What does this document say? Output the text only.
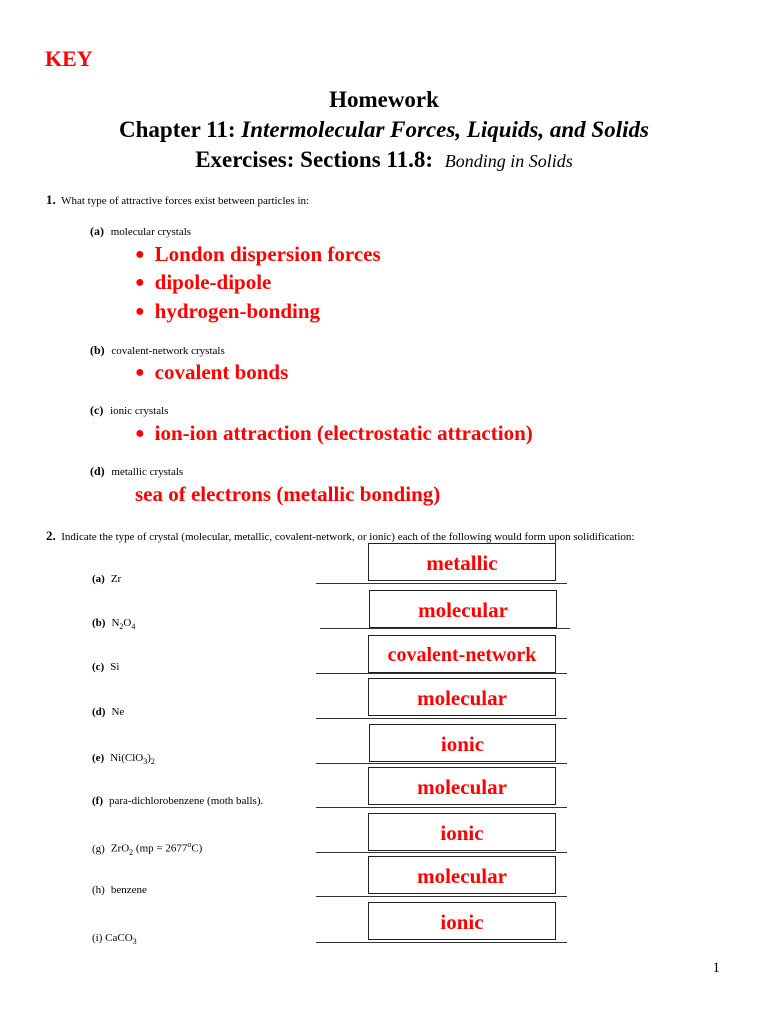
KEY
Homework
Chapter 11: Intermolecular Forces, Liquids, and Solids
Exercises: Sections 11.8: Bonding in Solids
1. What type of attractive forces exist between particles in:
(a) molecular crystals
● London dispersion forces
● dipole-dipole
● hydrogen-bonding
(b) covalent-network crystals
● covalent bonds
(c) ionic crystals
● ion-ion attraction (electrostatic attraction)
(d) metallic crystals
sea of electrons (metallic bonding)
2. Indicate the type of crystal (molecular, metallic, covalent-network, or ionic) each of the following would form upon solidification:
(a) Zr
metallic
(b) $N_2O_4$
molecular
(c) Si
covalent-network
(d) Ne
molecular
(e) $Ni(ClO_3)_2$
ionic
(f) para-dichlorobenzene (moth balls).
molecular
(g) ZrO$_2$ $(mp = 2677^oC)$
ionic
(h) benzene
molecular
(i) CaCO$_3$
ionic
1
